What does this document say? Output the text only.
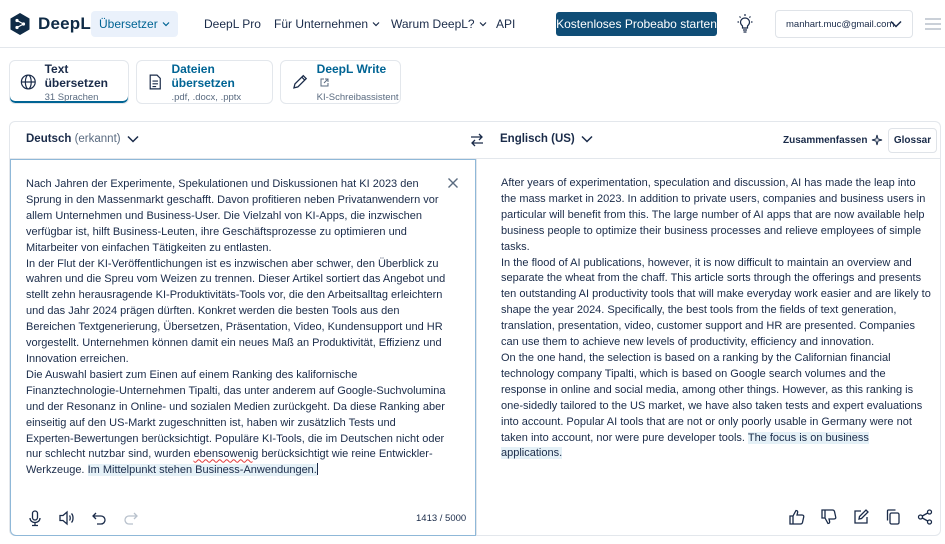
DeepL Übersetzer	DeepL Pro Für Unternehmen Warum DeepL? API	Kostenloses Probeabo starten	manhart.muc@gmail.com
Text übersetzen
31 Sprachen
Dateien übersetzen
.pdf, .docx, .pptx
DeepL Write
KI-Schreibassistent
Deutsch (erkannt)	Englisch (US)	Zusammenfassen	Glossar

Nach Jahren der Experimente, Spekulationen und Diskussionen hat KI 2023 den Sprung in den Massenmarkt geschafft. Davon profitieren neben Privatanwendern vor allem Unternehmen und Business-User. Die Vielzahl von KI-Apps, die inzwischen verfügbar ist, hilft Business-Leuten, ihre Geschäftsprozesse zu optimieren und Mitarbeiter von einfachen Tätigkeiten zu entlasten.

In der Flut der KI-Veröffentlichungen ist es inzwischen aber schwer, den Überblick zu wahren und die Spreu vom Weizen zu trennen. Dieser Artikel sortiert das Angebot und stellt zehn herausragende KI-Produktivitäts-Tools vor, die den Arbeitsalltag erleichtern und das Jahr 2024 prägen dürften. Konkret werden die besten Tools aus den Bereichen Textgenerierung, Übersetzen, Präsentation, Video, Kundensupport und HR vorgestellt. Unternehmen können damit ein neues Maß an Produktivität, Effizienz und Innovation erreichen.

Die Auswahl basiert zum Einen auf einem Ranking des kalifornische Finanztechnologie-Unternehmen Tipalti, das unter anderem auf Google-Suchvolumina und der Resonanz in Online- und sozialen Medien zurückgeht. Da diese Ranking aber einseitig auf den US-Markt zugeschnitten ist, haben wir zusätzlich Tests und Experten-Bewertungen berücksichtigt. Populäre KI-Tools, die im Deutschen nicht oder nur schlecht nutzbar sind, wurden ebensowenig berücksichtigt wie reine Entwickler-Werkzeuge. Im Mittelpunkt stehen Business-Anwendungen.

1413 / 5000

After years of experimentation, speculation and discussion, AI has made the leap into the mass market in 2023. In addition to private users, companies and business users in particular will benefit from this. The large number of AI apps that are now available help business people to optimize their business processes and relieve employees of simple tasks.

In the flood of AI publications, however, it is now difficult to maintain an overview and separate the wheat from the chaff. This article sorts through the offerings and presents ten outstanding AI productivity tools that will make everyday work easier and are likely to shape the year 2024. Specifically, the best tools from the fields of text generation, translation, presentation, video, customer support and HR are presented. Companies can use them to achieve new levels of productivity, efficiency and innovation.

On the one hand, the selection is based on a ranking by the Californian financial technology company Tipalti, which is based on Google search volumes and the response in online and social media, among other things. However, as this ranking is one-sidedly tailored to the US market, we have also taken tests and expert evaluations into account. Popular AI tools that are not or only poorly usable in Germany were not taken into account, nor were pure developer tools. The focus is on business applications.
